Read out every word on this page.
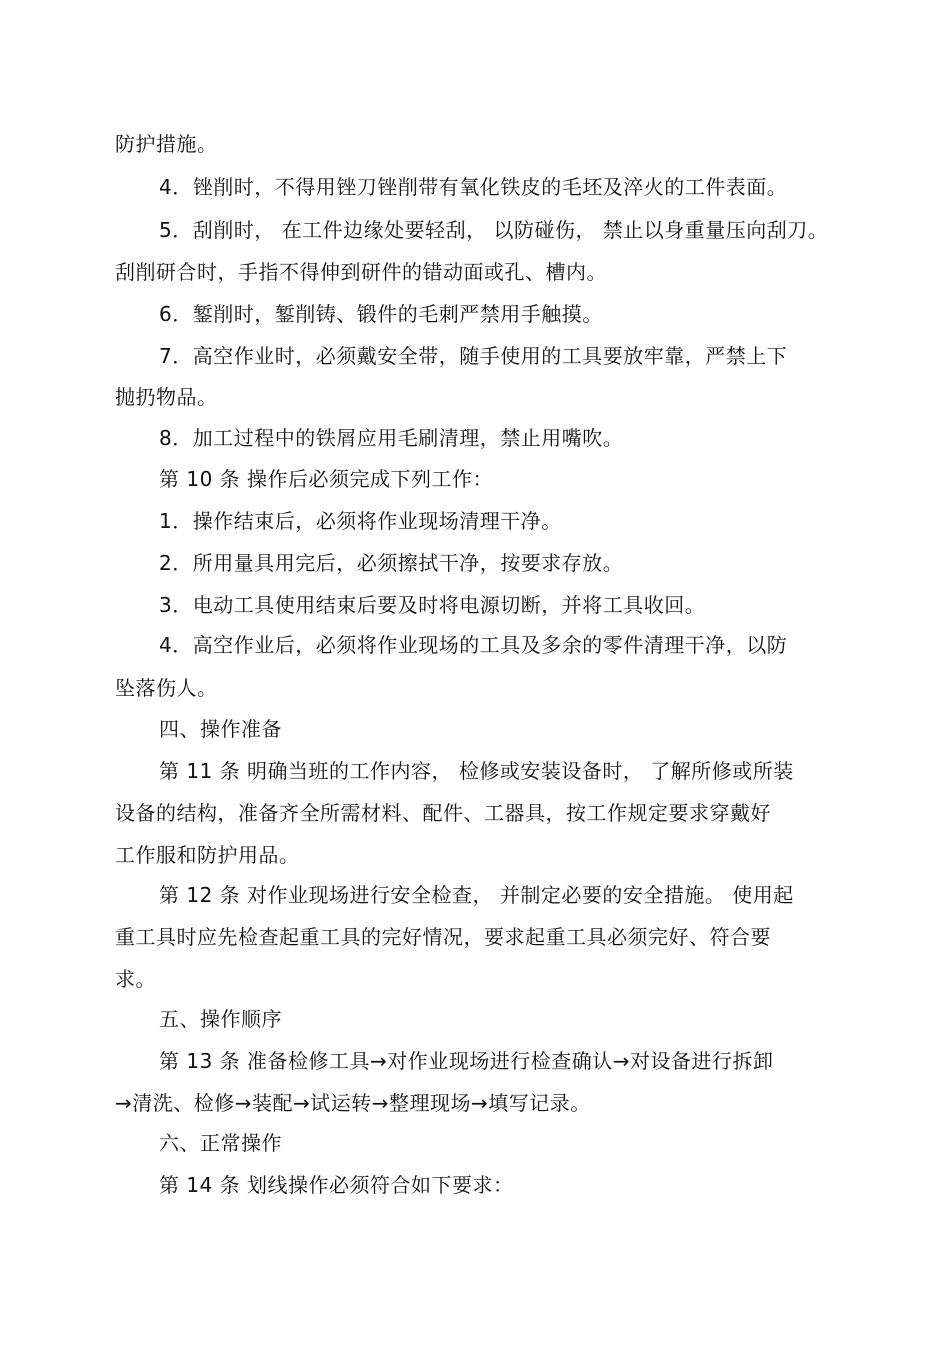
防护措施。
4．锉削时，不得用锉刀锉削带有氧化铁皮的毛坯及淬火的工件表面。
5．刮削时， 在工件边缘处要轻刮， 以防碰伤， 禁止以身重量压向刮刀。
刮削研合时，手指不得伸到研件的错动面或孔、槽内。
6．錾削时，錾削铸、锻件的毛刺严禁用手触摸。
7．高空作业时，必须戴安全带，随手使用的工具要放牢靠，严禁上下
抛扔物品。
8．加工过程中的铁屑应用毛刷清理，禁止用嘴吹。
第 10 条 操作后必须完成下列工作：
1．操作结束后，必须将作业现场清理干净。
2．所用量具用完后，必须擦拭干净，按要求存放。
3．电动工具使用结束后要及时将电源切断，并将工具收回。
4．高空作业后，必须将作业现场的工具及多余的零件清理干净，以防
坠落伤人。
四、操作准备
第 11 条 明确当班的工作内容， 检修或安装设备时， 了解所修或所装
设备的结构，准备齐全所需材料、配件、工器具，按工作规定要求穿戴好
工作服和防护用品。
第 12 条 对作业现场进行安全检查， 并制定必要的安全措施。 使用起
重工具时应先检查起重工具的完好情况，要求起重工具必须完好、符合要
求。
五、操作顺序
第 13 条 准备检修工具→对作业现场进行检查确认→对设备进行拆卸
→清洗、检修→装配→试运转→整理现场→填写记录。
六、正常操作
第 14 条 划线操作必须符合如下要求：
